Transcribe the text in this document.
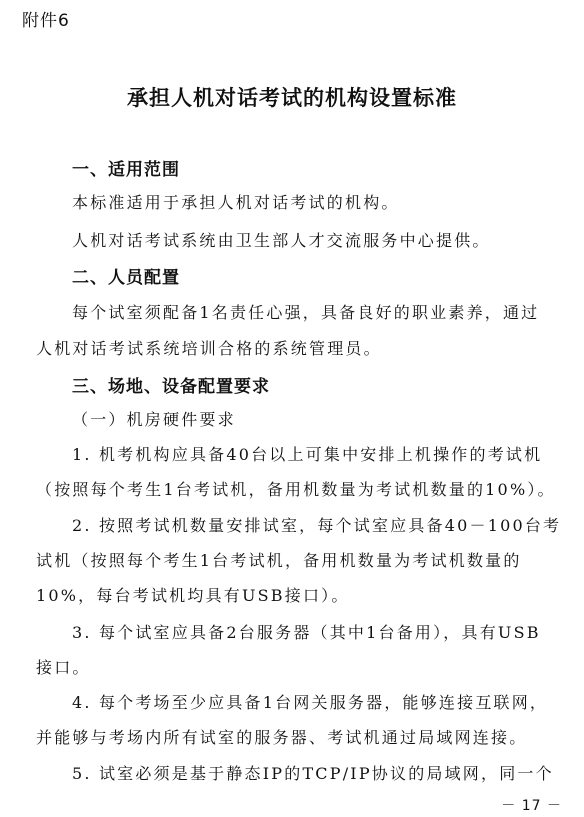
附件6
承担人机对话考试的机构设置标准
一、适用范围
本标准适用于承担人机对话考试的机构。
人机对话考试系统由卫生部人才交流服务中心提供。
二、人员配置
每个试室须配备1名责任心强，具备良好的职业素养，通过
人机对话考试系统培训合格的系统管理员。
三、场地、设备配置要求
（一）机房硬件要求
1. 机考机构应具备40台以上可集中安排上机操作的考试机
（按照每个考生1台考试机，备用机数量为考试机数量的10%）。
2. 按照考试机数量安排试室，每个试室应具备40－100台考
试机（按照每个考生1台考试机，备用机数量为考试机数量的
10%，每台考试机均具有USB接口）。
3. 每个试室应具备2台服务器（其中1台备用），具有USB
接口。
4. 每个考场至少应具备1台网关服务器，能够连接互联网，
并能够与考场内所有试室的服务器、考试机通过局域网连接。
5. 试室必须是基于静态IP的TCP/IP协议的局域网，同一个
－ 17 －
